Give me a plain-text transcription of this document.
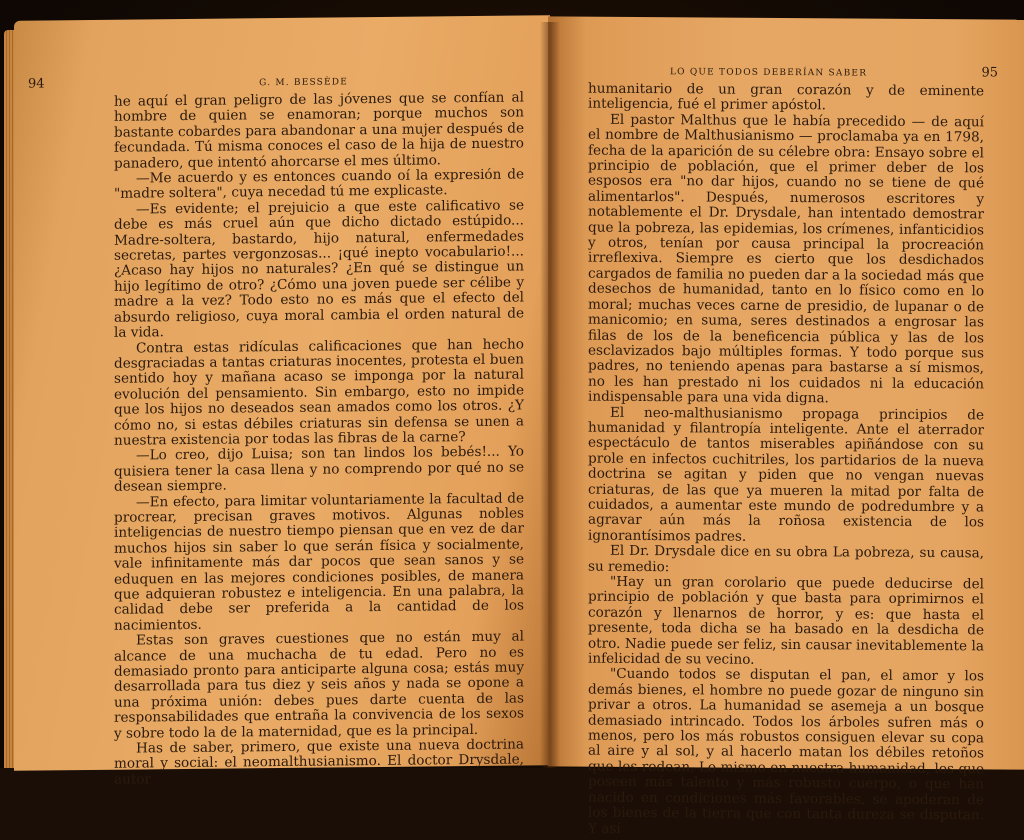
94	G. M. BESSÈDE

he aquí el gran peligro de las jóvenes que se confían al hombre de quien se enamoran; porque muchos son bastante cobardes para abandonar a una mujer después de fecundada. Tú misma conoces el caso de la hija de nuestro panadero, que intentó ahorcarse el mes último.

—Me acuerdo y es entonces cuando oí la expresión de "madre soltera", cuya necedad tú me explicaste.

—Es evidente; el prejuicio a que este calificativo se debe es más cruel aún que dicho dictado estúpido... Madre-soltera, bastardo, hijo natural, enfermedades secretas, partes vergonzosas... ¡qué inepto vocabulario!... ¿Acaso hay hijos no naturales? ¿En qué se distingue un hijo legítimo de otro? ¿Cómo una joven puede ser célibe y madre a la vez? Todo esto no es más que el efecto del absurdo religioso, cuya moral cambia el orden natural de la vida.

Contra estas ridículas calificaciones que han hecho desgraciadas a tantas criaturas inocentes, protesta el buen sentido hoy y mañana acaso se imponga por la natural evolución del pensamiento. Sin embargo, esto no impide que los hijos no deseados sean amados como los otros. ¿Y cómo no, si estas débiles criaturas sin defensa se unen a nuestra existencia por todas las fibras de la carne?

—Lo creo, dijo Luisa; son tan lindos los bebés!... Yo quisiera tener la casa llena y no comprendo por qué no se desean siempre.

—En efecto, para limitar voluntariamente la facultad de procrear, precisan graves motivos. Algunas nobles inteligencias de nuestro tiempo piensan que en vez de dar muchos hijos sin saber lo que serán física y socialmente, vale infinitamente más dar pocos que sean sanos y se eduquen en las mejores condiciones posibles, de manera que adquieran robustez e inteligencia. En una palabra, la calidad debe ser preferida a la cantidad de los nacimientos.

Estas son graves cuestiones que no están muy al alcance de una muchacha de tu edad. Pero no es demasiado pronto para anticiparte alguna cosa; estás muy desarrollada para tus diez y seis años y nada se opone a una próxima unión: debes pues darte cuenta de las responsabilidades que entraña la convivencia de los sexos y sobre todo la de la maternidad, que es la principal.

Has de saber, primero, que existe una nueva doctrina moral y social: el neomalthusianismo. El doctor Drysdale, autor

LO QUE TODOS DEBERÍAN SABER	95

humanitario de un gran corazón y de eminente inteligencia, fué el primer apóstol.

El pastor Malthus que le había precedido — de aquí el nombre de Malthusianismo — proclamaba ya en 1798, fecha de la aparición de su célebre obra: Ensayo sobre el principio de población, que el primer deber de los esposos era "no dar hijos, cuando no se tiene de qué alimentarlos". Después, numerosos escritores y notablemente el Dr. Drysdale, han intentado demostrar que la pobreza, las epidemias, los crímenes, infanticidios y otros, tenían por causa principal la procreación irreflexiva. Siempre es cierto que los desdichados cargados de familia no pueden dar a la sociedad más que desechos de humanidad, tanto en lo físico como en lo moral; muchas veces carne de presidio, de lupanar o de manicomio; en suma, seres destinados a engrosar las filas de los de la beneficencia pública y las de los esclavizados bajo múltiples formas. Y todo porque sus padres, no teniendo apenas para bastarse a sí mismos, no les han prestado ni los cuidados ni la educación indispensable para una vida digna.

El neo-malthusianismo propaga principios de humanidad y filantropía inteligente. Ante el aterrador espectáculo de tantos miserables apiñándose con su prole en infectos cuchitriles, los partidarios de la nueva doctrina se agitan y piden que no vengan nuevas criaturas, de las que ya mueren la mitad por falta de cuidados, a aumentar este mundo de podredumbre y a agravar aún más la roñosa existencia de los ignorantísimos padres.

El Dr. Drysdale dice en su obra La pobreza, su causa, su remedio:

"Hay un gran corolario que puede deducirse del principio de población y que basta para oprimirnos el corazón y llenarnos de horror, y es: que hasta el presente, toda dicha se ha basado en la desdicha de otro. Nadie puede ser feliz, sin causar inevitablemente la infelicidad de su vecino.

"Cuando todos se disputan el pan, el amor y los demás bienes, el hombre no puede gozar de ninguno sin privar a otros. La humanidad se asemeja a un bosque demasiado intrincado. Todos los árboles sufren más o menos, pero los más robustos consiguen elevar su copa al aire y al sol, y al hacerlo matan los débiles retoños que les rodean. Lo mismo en nuestra humanidad, los que poseen más talento y más robusto cuerpo, o que han nacido en condiciones más favorables, se apoderan de los bienes de la tierra que con tanta dureza se disputan. Y así
